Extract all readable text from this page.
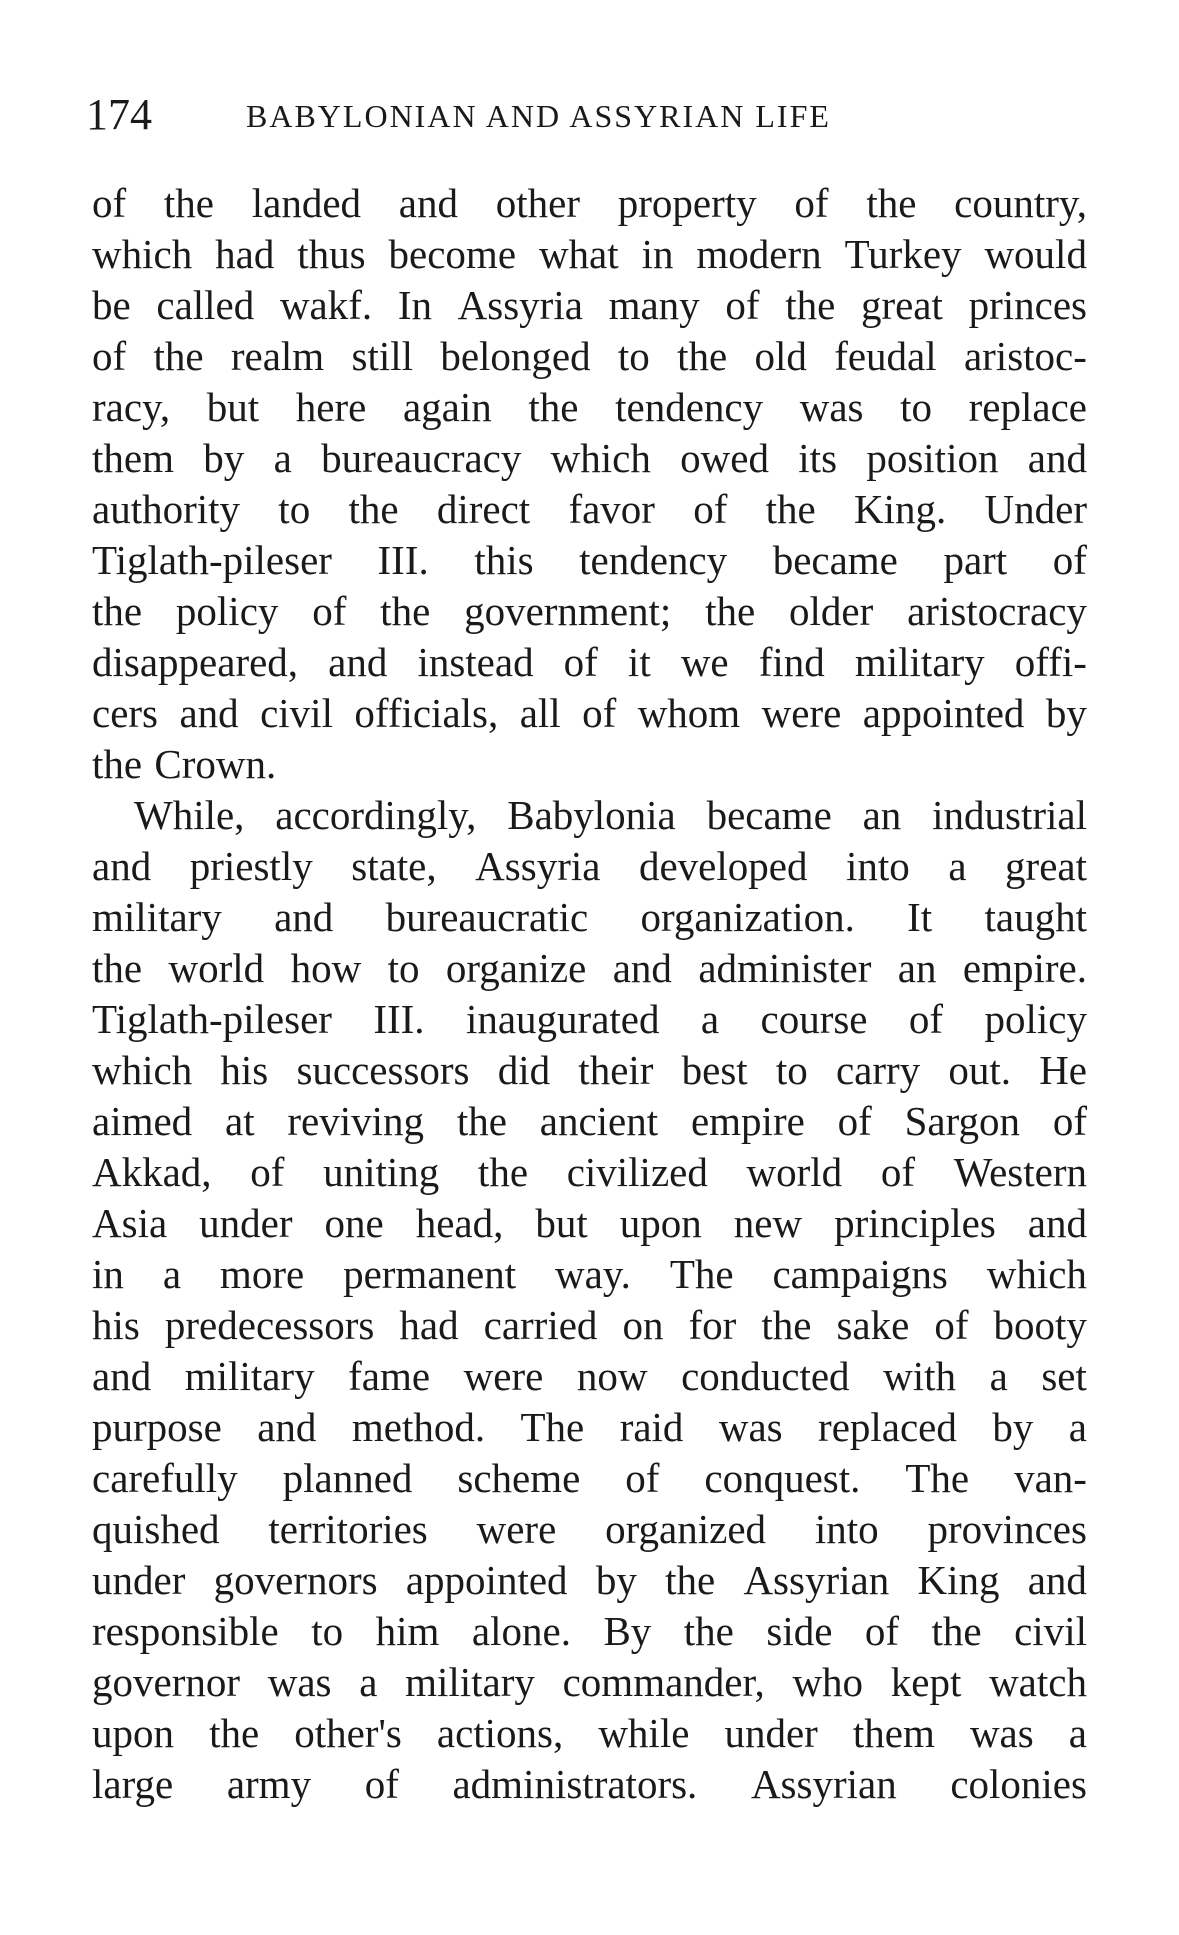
174	BABYLONIAN AND ASSYRIAN LIFE
of the landed and other property of the country,
which had thus become what in modern Turkey would
be called wakf. In Assyria many of the great princes
of the realm still belonged to the old feudal aristoc-
racy, but here again the tendency was to replace
them by a bureaucracy which owed its position and
authority to the direct favor of the King. Under
Tiglath-pileser III. this tendency became part of
the policy of the government; the older aristocracy
disappeared, and instead of it we find military offi-
cers and civil officials, all of whom were appointed by
the Crown.
While, accordingly, Babylonia became an industrial
and priestly state, Assyria developed into a great
military and bureaucratic organization. It taught
the world how to organize and administer an empire.
Tiglath-pileser III. inaugurated a course of policy
which his successors did their best to carry out. He
aimed at reviving the ancient empire of Sargon of
Akkad, of uniting the civilized world of Western
Asia under one head, but upon new principles and
in a more permanent way. The campaigns which
his predecessors had carried on for the sake of booty
and military fame were now conducted with a set
purpose and method. The raid was replaced by a
carefully planned scheme of conquest. The van-
quished territories were organized into provinces
under governors appointed by the Assyrian King and
responsible to him alone. By the side of the civil
governor was a military commander, who kept watch
upon the other's actions, while under them was a
large army of administrators. Assyrian colonies
